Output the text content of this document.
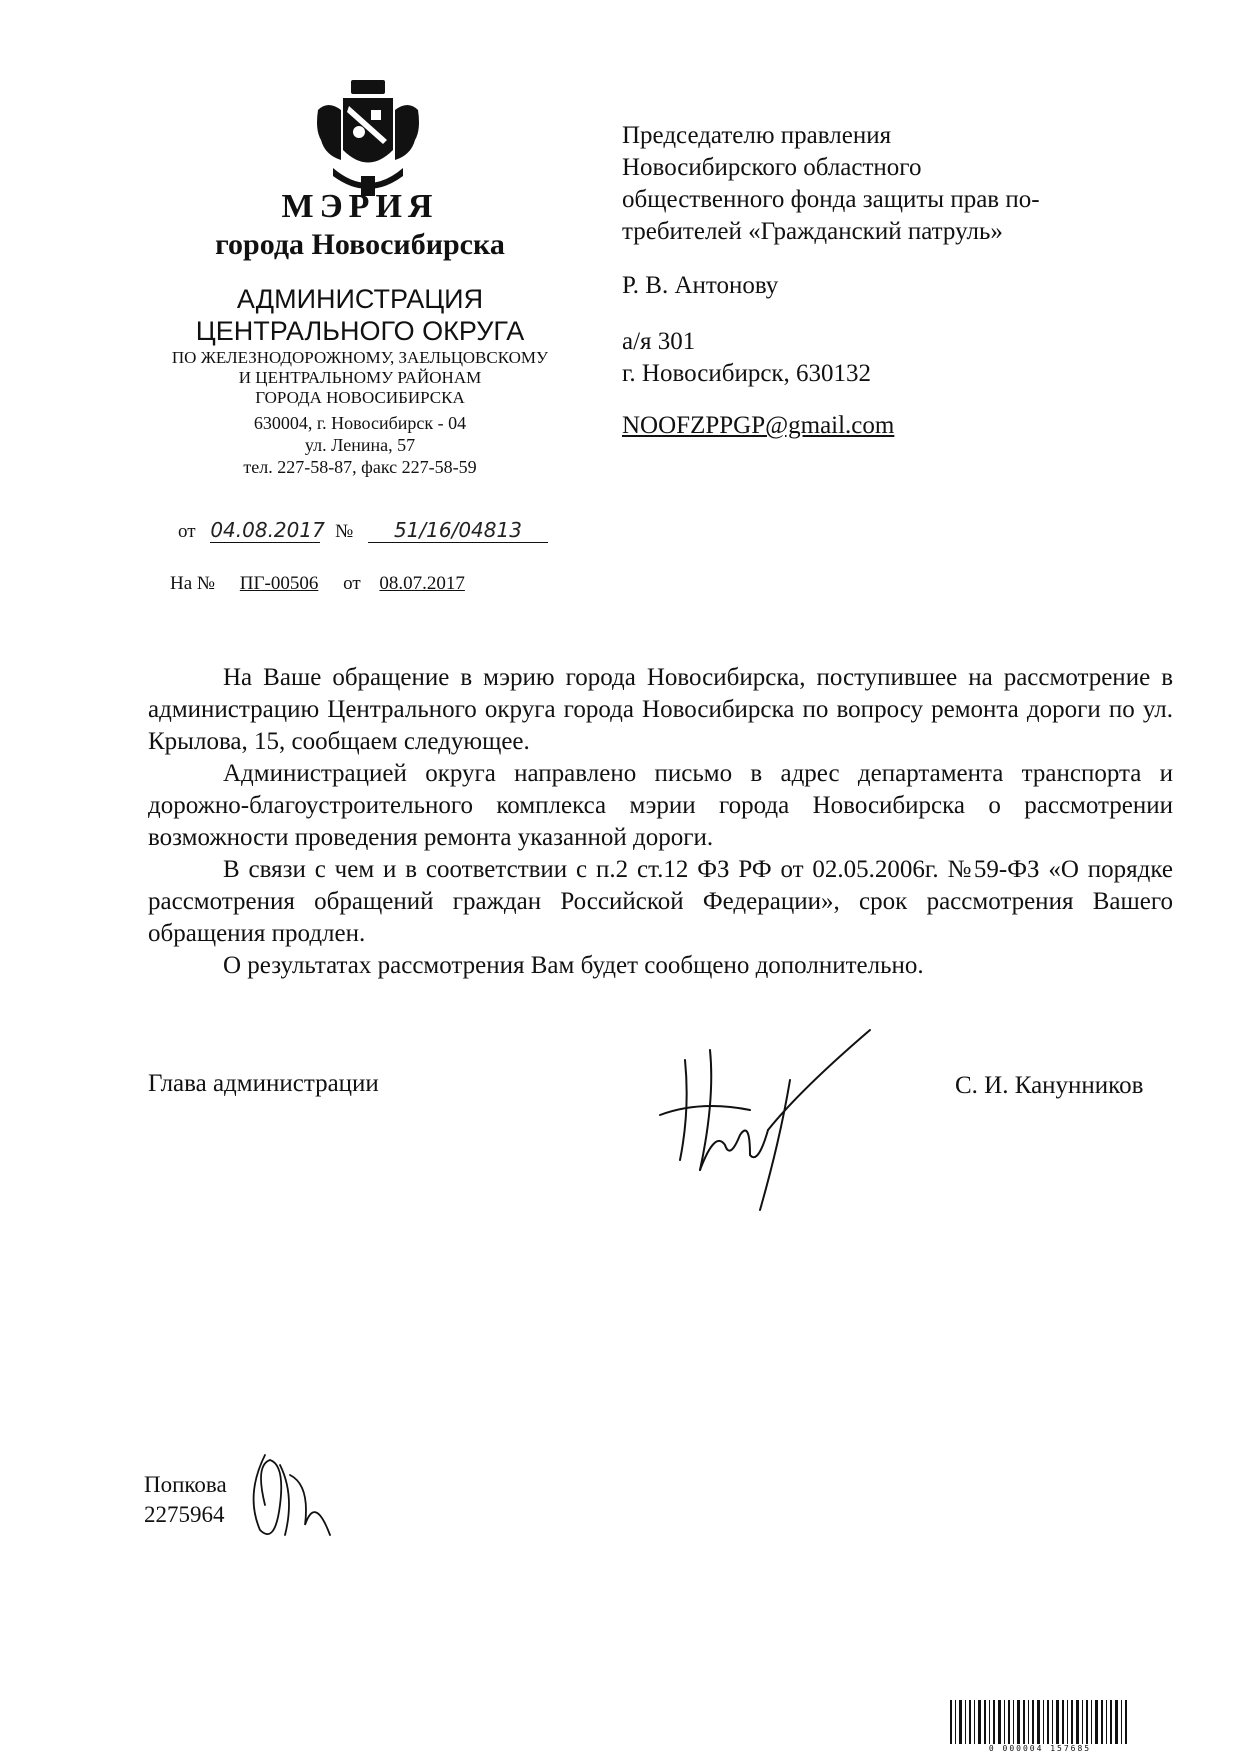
МЭРИЯ
города Новосибирска
АДМИНИСТРАЦИЯ
ЦЕНТРАЛЬНОГО ОКРУГА
ПО ЖЕЛЕЗНОДОРОЖНОМУ, ЗАЕЛЬЦОВСКОМУ
И ЦЕНТРАЛЬНОМУ РАЙОНАМ
ГОРОДА НОВОСИБИРСКА
630004, г. Новосибирск - 04
ул. Ленина, 57
тел. 227-58-87, факс 227-58-59
от 04.08.2017 № 51/16/04813
На № ПГ-00506 от 08.07.2017

Председателю правления

Новосибирского областного

общественного фонда защиты прав по-

требителей «Гражданский патруль»

Р. В. Антонову

а/я 301

г. Новосибирск, 630132

NOOFZPPGP@gmail.com

На Ваше обращение в мэрию города Новосибирска, поступившее на рассмотрение в администрацию Центрального округа города Новосибирска по вопросу ремонта дороги по ул. Крылова, 15, сообщаем следующее.

Администрацией округа направлено письмо в адрес департамента транспорта и дорожно-благоустроительного комплекса мэрии города Новосибирска о рассмотрении возможности проведения ремонта указанной дороги.

В связи с чем и в соответствии с п.2 ст.12 ФЗ РФ от 02.05.2006г. №59-ФЗ «О порядке рассмотрения обращений граждан Российской Федерации», срок рассмотрения Вашего обращения продлен.

О результатах рассмотрения Вам будет сообщено дополнительно.

Глава администрации	С. И. Канунников
Попкова
2275964
0 000004 157685
